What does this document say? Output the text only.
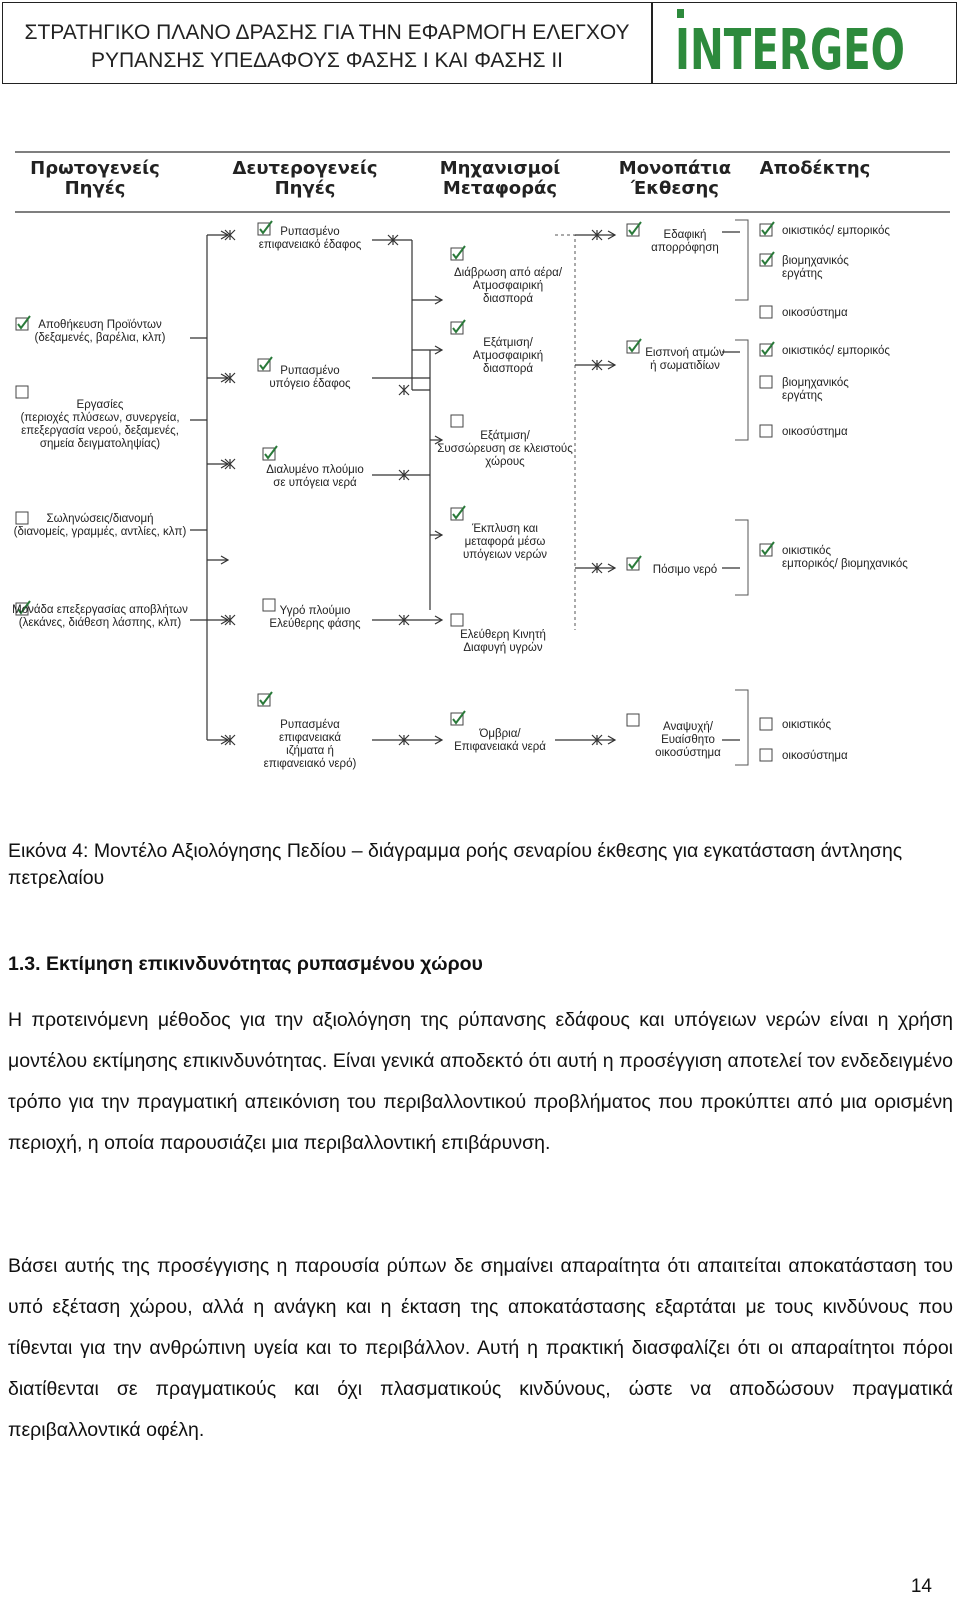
ΣΤΡΑΤΗΓΙΚΟ ΠΛΑΝΟ ΔΡΑΣΗΣ ΓΙΑ ΤΗΝ ΕΦΑΡΜΟΓΗ ΕΛΕΓΧΟΥ
ΡΥΠΑΝΣΗΣ ΥΠΕΔΑΦΟΥΣ ΦΑΣΗΣ Ι ΚΑΙ ΦΑΣΗΣ ΙΙ	INTERGEO
Πρωτογενείς Πηγές
Δευτερογενείς Πηγές
Μηχανισμοί Μεταφοράς
Μονοπάτια Έκθεσης
Αποδέκτης
Αποθήκευση Προϊόντων (δεξαμενές, βαρέλια, κλπ)
Εργασίες (περιοχές πλύσεων, συνεργεία, επεξεργασία νερού, δεξαμενές, σημεία δειγματοληψίας)
Σωληνώσεις/διανομή (διανομείς, γραμμές, αντλίες, κλπ)
Μονάδα επεξεργασίας αποβλήτων (λεκάνες, διάθεση λάσπης, κλπ)
Ρυπασμένο επιφανειακό έδαφος
Ρυπασμένο υπόγειο έδαφος
Διαλυμένο πλούμιο σε υπόγεια νερά
Υγρό πλούμιο Ελεύθερης φάσης
Ρυπασμένα επιφανειακά ιζήματα ή επιφανειακό νερό)
Διάβρωση από αέρα/ Ατμοσφαιρική διασπορά
Εξάτμιση/ Ατμοσφαιρική διασπορά
Εξάτμιση/ Συσσώρευση σε κλειστούς χώρους
Έκπλυση και μεταφορά μέσω υπόγειων νερών
Ελεύθερη Κινητή Διαφυγή υγρών
Όμβρια/ Επιφανειακά νερά
Εδαφική απορρόφηση
Εισπνοή ατμών ή σωματιδίων
Πόσιμο νερό
Αναψυχή/ Ευαίσθητο οικοσύστημα
οικιστικός/ εμπορικός
βιομηχανικός εργάτης
οικοσύστημα
οικιστικός/ εμπορικός
βιομηχανικός εργάτης
οικοσύστημα
οικιστικός εμπορικός/ βιομηχανικός
οικιστικός
οικοσύστημα
Εικόνα 4: Μοντέλο Αξιολόγησης Πεδίου – διάγραμμα ροής σεναρίου έκθεσης για εγκατάσταση άντλησης πετρελαίου
1.3. Εκτίμηση επικινδυνότητας ρυπασμένου χώρου
Η προτεινόμενη μέθοδος για την αξιολόγηση της ρύπανσης εδάφους και υπόγειων νερών είναι η χρήση μοντέλου εκτίμησης επικινδυνότητας. Είναι γενικά αποδεκτό ότι αυτή η προσέγγιση αποτελεί τον ενδεδειγμένο τρόπο για την πραγματική απεικόνιση του περιβαλλοντικού προβλήματος που προκύπτει από μια ορισμένη περιοχή, η οποία παρουσιάζει μια περιβαλλοντική επιβάρυνση.
Βάσει αυτής της προσέγγισης η παρουσία ρύπων δε σημαίνει απαραίτητα ότι απαιτείται αποκατάσταση του υπό εξέταση χώρου, αλλά η ανάγκη και η έκταση της αποκατάστασης εξαρτάται με τους κινδύνους που τίθενται για την ανθρώπινη υγεία και το περιβάλλον. Αυτή η πρακτική διασφαλίζει ότι οι απαραίτητοι πόροι διατίθενται σε πραγματικούς και όχι πλασματικούς κινδύνους, ώστε να αποδώσουν πραγματικά περιβαλλοντικά οφέλη.
14
